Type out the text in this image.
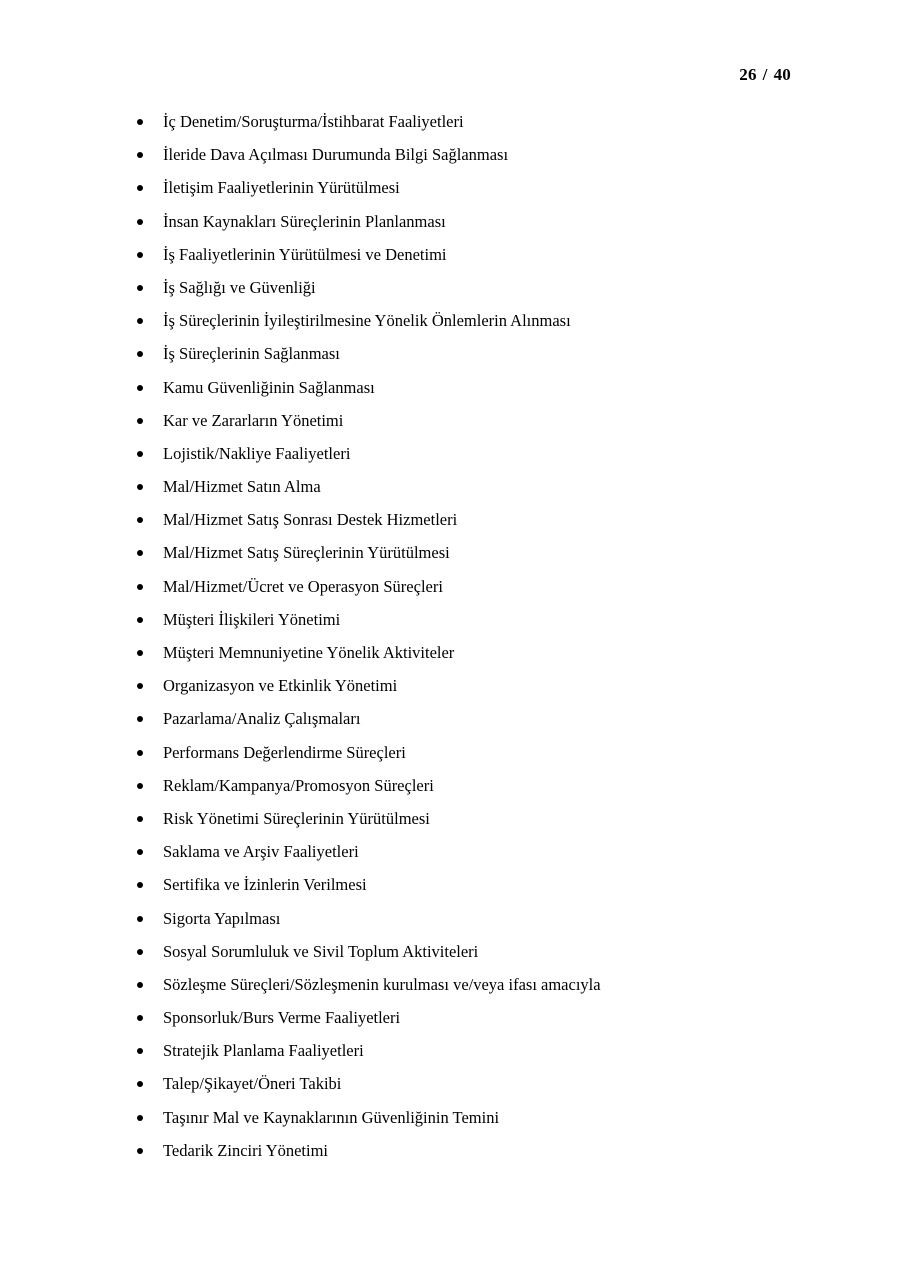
26 / 40
İç Denetim/Soruşturma/İstihbarat Faaliyetleri
İleride Dava Açılması Durumunda Bilgi Sağlanması
İletişim Faaliyetlerinin Yürütülmesi
İnsan Kaynakları Süreçlerinin Planlanması
İş Faaliyetlerinin Yürütülmesi ve Denetimi
İş Sağlığı ve Güvenliği
İş Süreçlerinin İyileştirilmesine Yönelik Önlemlerin Alınması
İş Süreçlerinin Sağlanması
Kamu Güvenliğinin Sağlanması
Kar ve Zararların Yönetimi
Lojistik/Nakliye Faaliyetleri
Mal/Hizmet Satın Alma
Mal/Hizmet Satış Sonrası Destek Hizmetleri
Mal/Hizmet Satış Süreçlerinin Yürütülmesi
Mal/Hizmet/Ücret ve Operasyon Süreçleri
Müşteri İlişkileri Yönetimi
Müşteri Memnuniyetine Yönelik Aktiviteler
Organizasyon ve Etkinlik Yönetimi
Pazarlama/Analiz Çalışmaları
Performans Değerlendirme Süreçleri
Reklam/Kampanya/Promosyon Süreçleri
Risk Yönetimi Süreçlerinin Yürütülmesi
Saklama ve Arşiv Faaliyetleri
Sertifika ve İzinlerin Verilmesi
Sigorta Yapılması
Sosyal Sorumluluk ve Sivil Toplum Aktiviteleri
Sözleşme Süreçleri/Sözleşmenin kurulması ve/veya ifası amacıyla
Sponsorluk/Burs Verme Faaliyetleri
Stratejik Planlama Faaliyetleri
Talep/Şikayet/Öneri Takibi
Taşınır Mal ve Kaynaklarının Güvenliğinin Temini
Tedarik Zinciri Yönetimi
